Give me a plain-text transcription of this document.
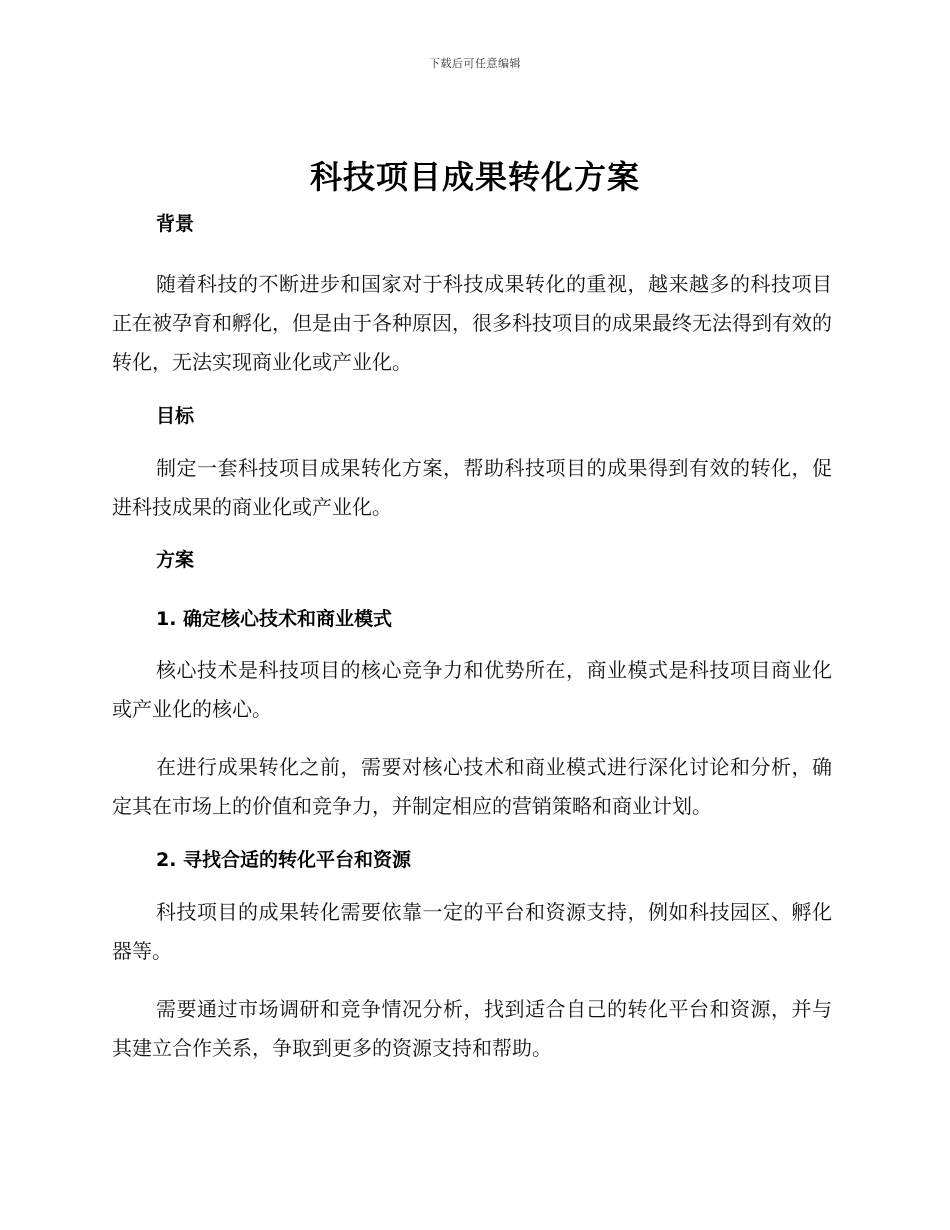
下载后可任意编辑
科技项目成果转化方案

背景

随着科技的不断进步和国家对于科技成果转化的重视，越来越多的科技项目正在被孕育和孵化，但是由于各种原因，很多科技项目的成果最终无法得到有效的转化，无法实现商业化或产业化。

目标

制定一套科技项目成果转化方案，帮助科技项目的成果得到有效的转化，促进科技成果的商业化或产业化。

方案

1. 确定核心技术和商业模式

核心技术是科技项目的核心竞争力和优势所在，商业模式是科技项目商业化或产业化的核心。

在进行成果转化之前，需要对核心技术和商业模式进行深化讨论和分析，确定其在市场上的价值和竞争力，并制定相应的营销策略和商业计划。

2. 寻找合适的转化平台和资源

科技项目的成果转化需要依靠一定的平台和资源支持，例如科技园区、孵化器等。

需要通过市场调研和竞争情况分析，找到适合自己的转化平台和资源，并与其建立合作关系，争取到更多的资源支持和帮助。
